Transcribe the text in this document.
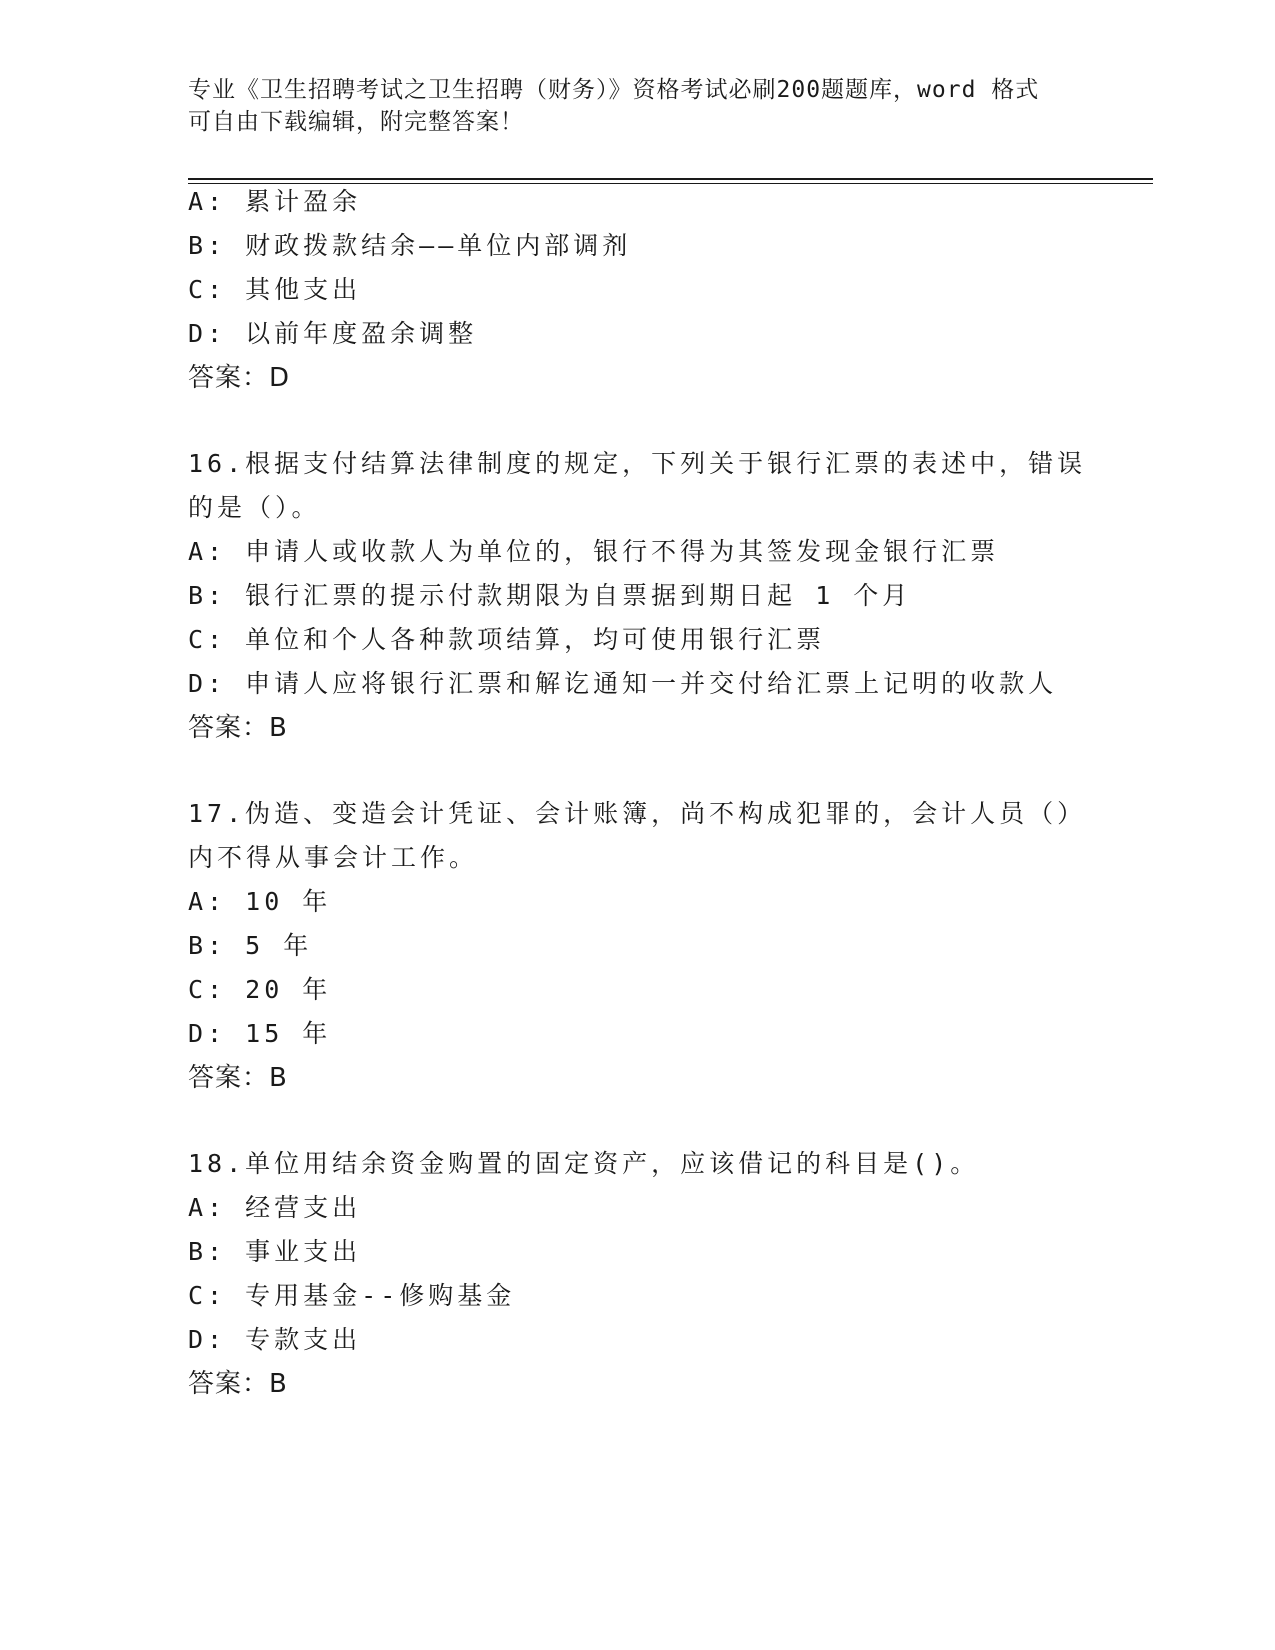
专业《卫生招聘考试之卫生招聘（财务）》资格考试必刷200题题库，word 格式
可自由下载编辑，附完整答案！
A: 累计盈余
B: 财政拨款结余——单位内部调剂
C: 其他支出
D: 以前年度盈余调整
答案：D
16.根据支付结算法律制度的规定，下列关于银行汇票的表述中，错误
的是（）。
A: 申请人或收款人为单位的，银行不得为其签发现金银行汇票
B: 银行汇票的提示付款期限为自票据到期日起 1 个月
C: 单位和个人各种款项结算，均可使用银行汇票
D: 申请人应将银行汇票和解讫通知一并交付给汇票上记明的收款人
答案：B
17.伪造、变造会计凭证、会计账簿，尚不构成犯罪的，会计人员（）
内不得从事会计工作。
A: 10 年
B: 5 年
C: 20 年
D: 15 年
答案：B
18.单位用结余资金购置的固定资产，应该借记的科目是()。
A: 经营支出
B: 事业支出
C: 专用基金--修购基金
D: 专款支出
答案：B
